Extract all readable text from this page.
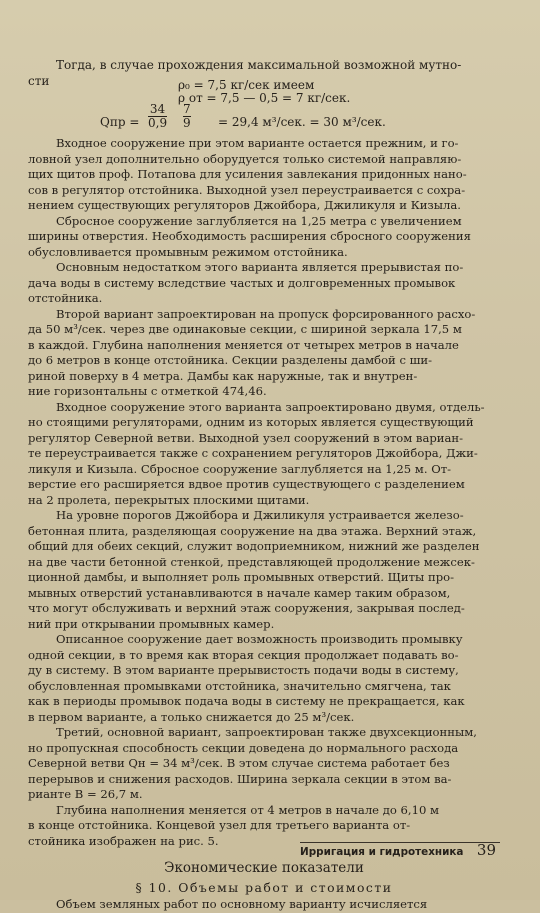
Тогда, в случае прохождения максимальной возможной мутно-

сти	ρ₀ = 7,5 кг/сек имеем
ρ от = 7,5 — 0,5 = 7 кг/сек.
Qпр = $\frac{34}{0,9} \frac{7}{9} = 29,4$ м³/сек. = 30 м³/сек.

Входное сооружение при этом варианте остается прежним, и го-
ловной узел дополнительно оборудуется только системой направляю-
щих щитов проф. Потапова для усиления завлекания придонных нано-
сов в регулятор отстойника. Выходной узел переустраивается с сохра-
нением существующих регуляторов Джойбора, Джиликуля и Кизыла.

Сбросное сооружение заглубляется на 1,25 метра с увеличением
ширины отверстия. Необходимость расширения сбросного сооружения
обусловливается промывным режимом отстойника.

Основным недостатком этого варианта является прерывистая по-
дача воды в систему вследствие частых и долговременных промывок
отстойника.

Второй вариант запроектирован на пропуск форсированного расхо-
да 50 м³/сек. через две одинаковые секции, с шириной зеркала 17,5 м
в каждой. Глубина наполнения меняется от четырех метров в начале
до 6 метров в конце отстойника. Секции разделены дамбой с ши-
риной поверху в 4 метра. Дамбы как наружные, так и внутрен-
ние горизонтальны с отметкой 474,46.

Входное сооружение этого варианта запроектировано двумя, отдель-
но стоящими регуляторами, одним из которых является существующий
регулятор Северной ветви. Выходной узел сооружений в этом вариан-
те переустраивается также с сохранением регуляторов Джойбора, Джи-
ликуля и Кизыла. Сбросное сооружение заглубляется на 1,25 м. От-
верстие его расширяется вдвое против существующего с разделением
на 2 пролета, перекрытых плоскими щитами.

На уровне порогов Джойбора и Джиликуля устраивается железо-
бетонная плита, разделяющая сооружение на два этажа. Верхний этаж,
общий для обеих секций, служит водоприемником, нижний же разделен
на две части бетонной стенкой, представляющей продолжение межсек-
ционной дамбы, и выполняет роль промывных отверстий. Щиты про-
мывных отверстий устанавливаются в начале камер таким образом,
что могут обслуживать и верхний этаж сооружения, закрывая послед-
ний при открывании промывных камер.

Описанное сооружение дает возможность производить промывку
одной секции, в то время как вторая секция продолжает подавать во-
ду в систему. В этом варианте прерывистость подачи воды в систему,
обусловленная промывками отстойника, значительно смягчена, так
как в периоды промывок подача воды в систему не прекращается, как
в первом варианте, а только снижается до 25 м³/сек.

Третий, основной вариант, запроектирован также двухсекционным,
но пропускная способность секции доведена до нормального расхода
Северной ветви Qн = 34 м³/сек. В этом случае система работает без
перерывов и снижения расходов. Ширина зеркала секции в этом ва-
рианте B = 26,7 м.

Глубина наполнения меняется от 4 метров в начале до 6,10 м
в конце отстойника. Концевой узел для третьего варианта от-
стойника изображен на рис. 5.

Экономические показатели
§ 10. Объемы работ и стоимости

Объем земляных работ по основному варианту исчисляется

Ирригация и гидротехника 39
